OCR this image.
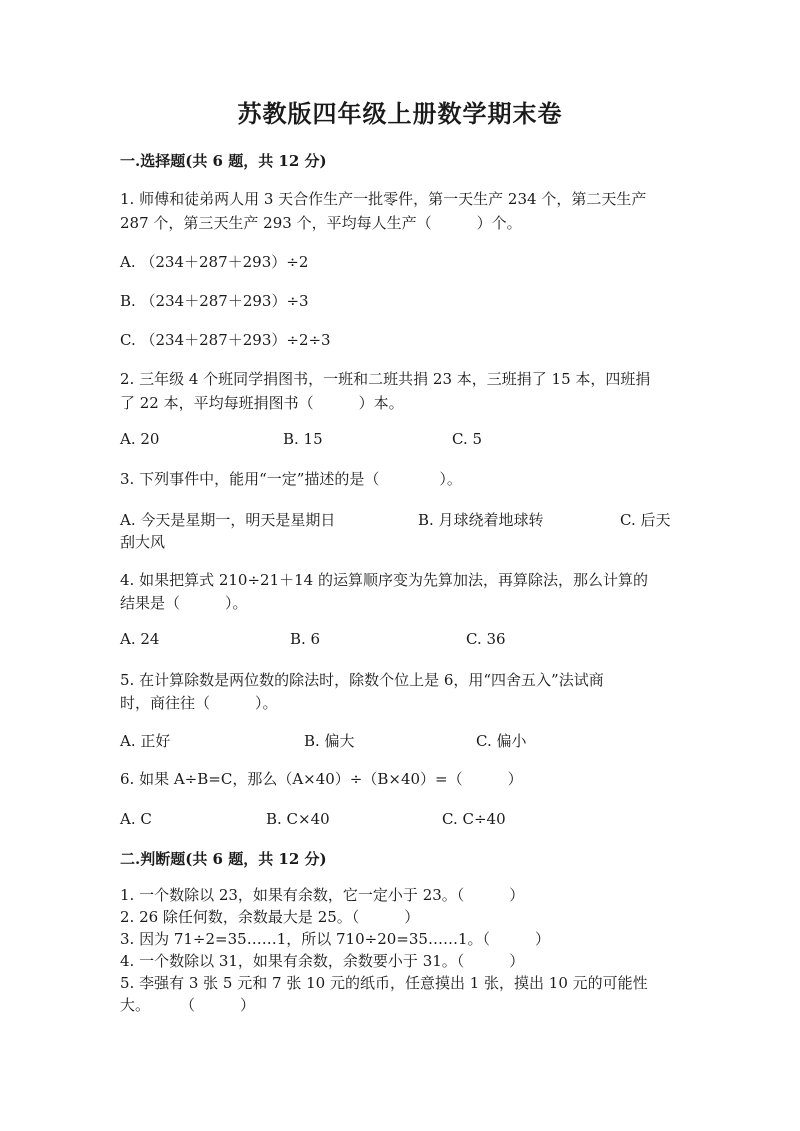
苏教版四年级上册数学期末卷
一.选择题(共 6 题，共 12 分)
1. 师傅和徒弟两人用 3 天合作生产一批零件，第一天生产 234 个，第二天生产
287 个，第三天生产 293 个，平均每人生产（　　　）个。
A. （234＋287＋293）÷2
B. （234＋287＋293）÷3
C. （234＋287＋293）÷2÷3
2. 三年级 4 个班同学捐图书，一班和二班共捐 23 本，三班捐了 15 本，四班捐
了 22 本，平均每班捐图书（　　　）本。
A. 20	B. 15	C. 5
3. 下列事件中，能用“一定”描述的是（　　　　）。
A. 今天是星期一，明天是星期日	B. 月球绕着地球转	C. 后天
刮大风
4. 如果把算式 210÷21＋14 的运算顺序变为先算加法，再算除法，那么计算的
结果是（　　　）。
A. 24	B. 6	C. 36
5. 在计算除数是两位数的除法时，除数个位上是 6，用“四舍五入”法试商
时，商往往（　　　）。
A. 正好	B. 偏大	C. 偏小
6. 如果 A÷B=C，那么（A×40）÷（B×40）=（　　　）
A. C	B. C×40	C. C÷40
二.判断题(共 6 题，共 12 分)
1. 一个数除以 23，如果有余数，它一定小于 23。（　　　）
2. 26 除任何数，余数最大是 25。（　　　）
3. 因为 71÷2=35……1，所以 710÷20=35……1。（　　　）
4. 一个数除以 31，如果有余数，余数要小于 31。（　　　）
5. 李强有 3 张 5 元和 7 张 10 元的纸币，任意摸出 1 张，摸出 10 元的可能性
大。　　　（　　　）
